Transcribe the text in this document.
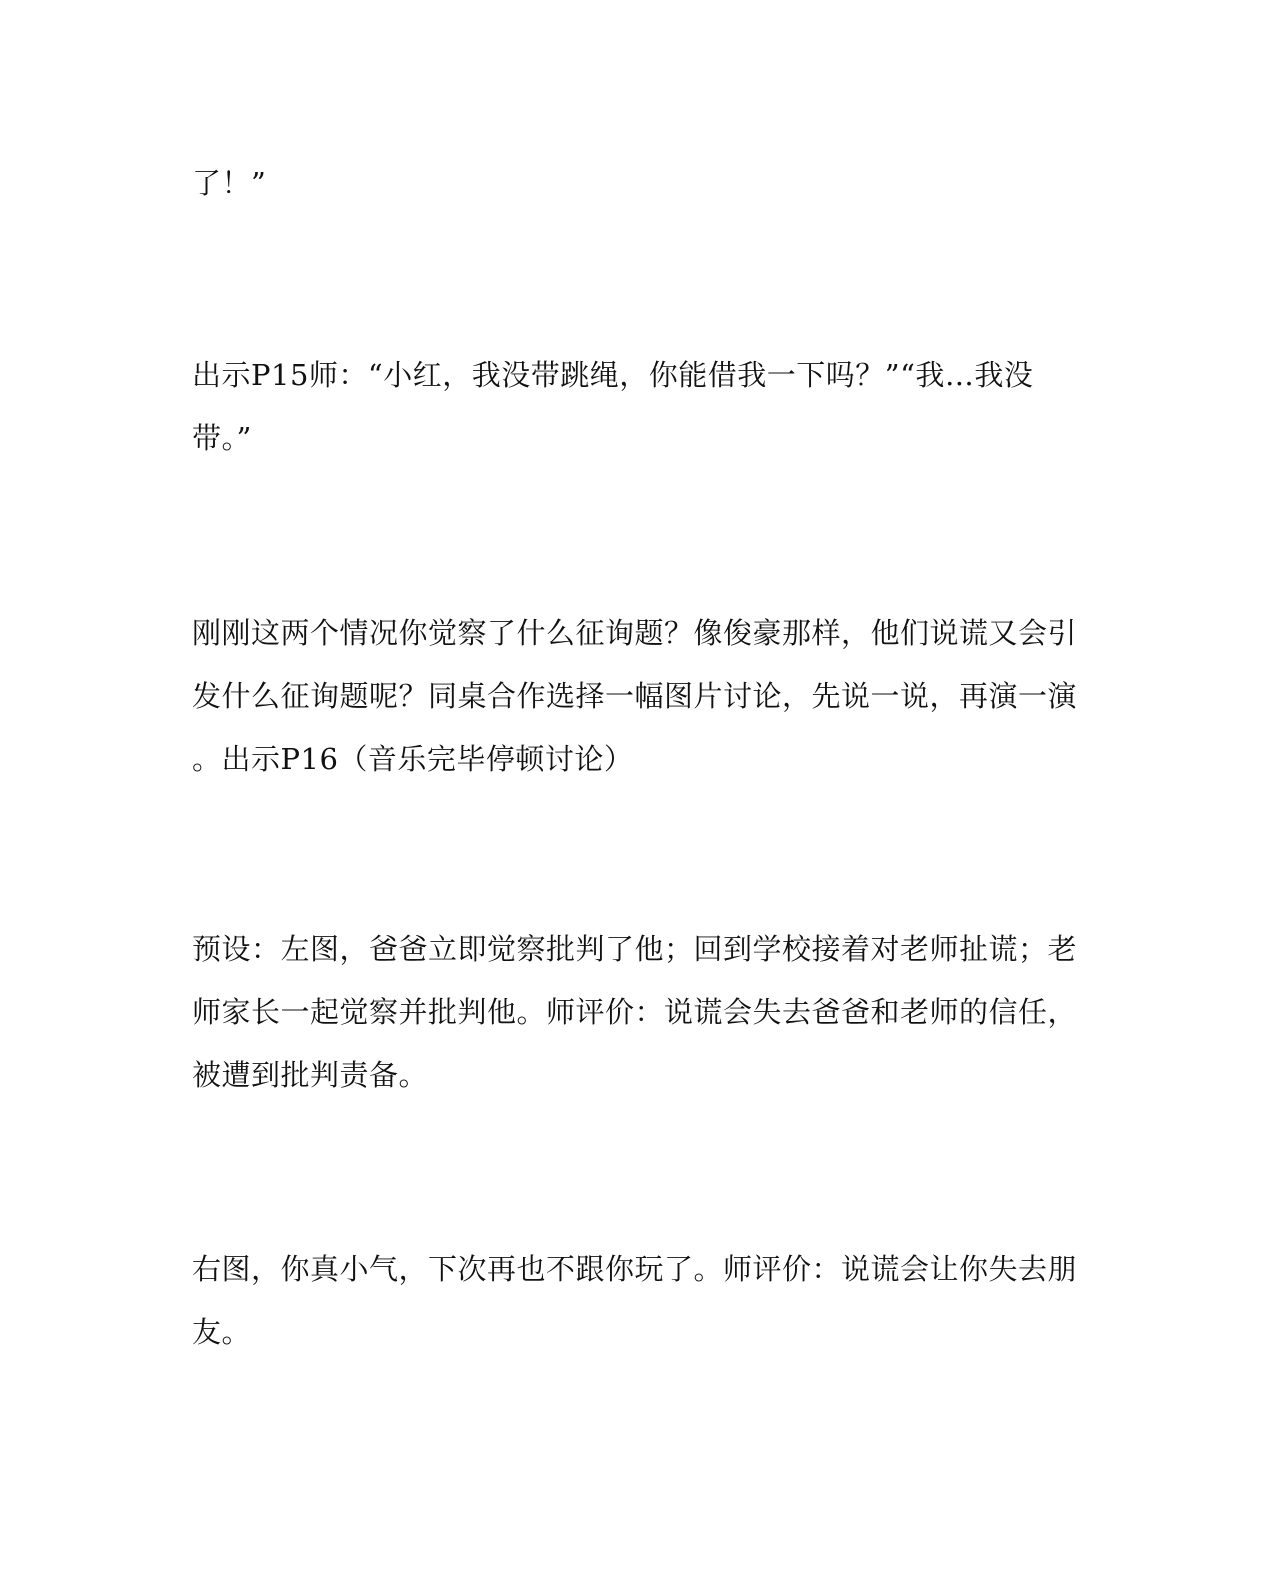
了！”

出示P15师：“小红，我没带跳绳，你能借我一下吗？”“我…我没
带。”

刚刚这两个情况你觉察了什么征询题？像俊豪那样，他们说谎又会引
发什么征询题呢？同桌合作选择一幅图片讨论，先说一说，再演一演
。出示P16（音乐完毕停顿讨论）

预设：左图，爸爸立即觉察批判了他；回到学校接着对老师扯谎；老
师家长一起觉察并批判他。师评价：说谎会失去爸爸和老师的信任，
被遭到批判责备。

右图，你真小气，下次再也不跟你玩了。师评价：说谎会让你失去朋
友。
